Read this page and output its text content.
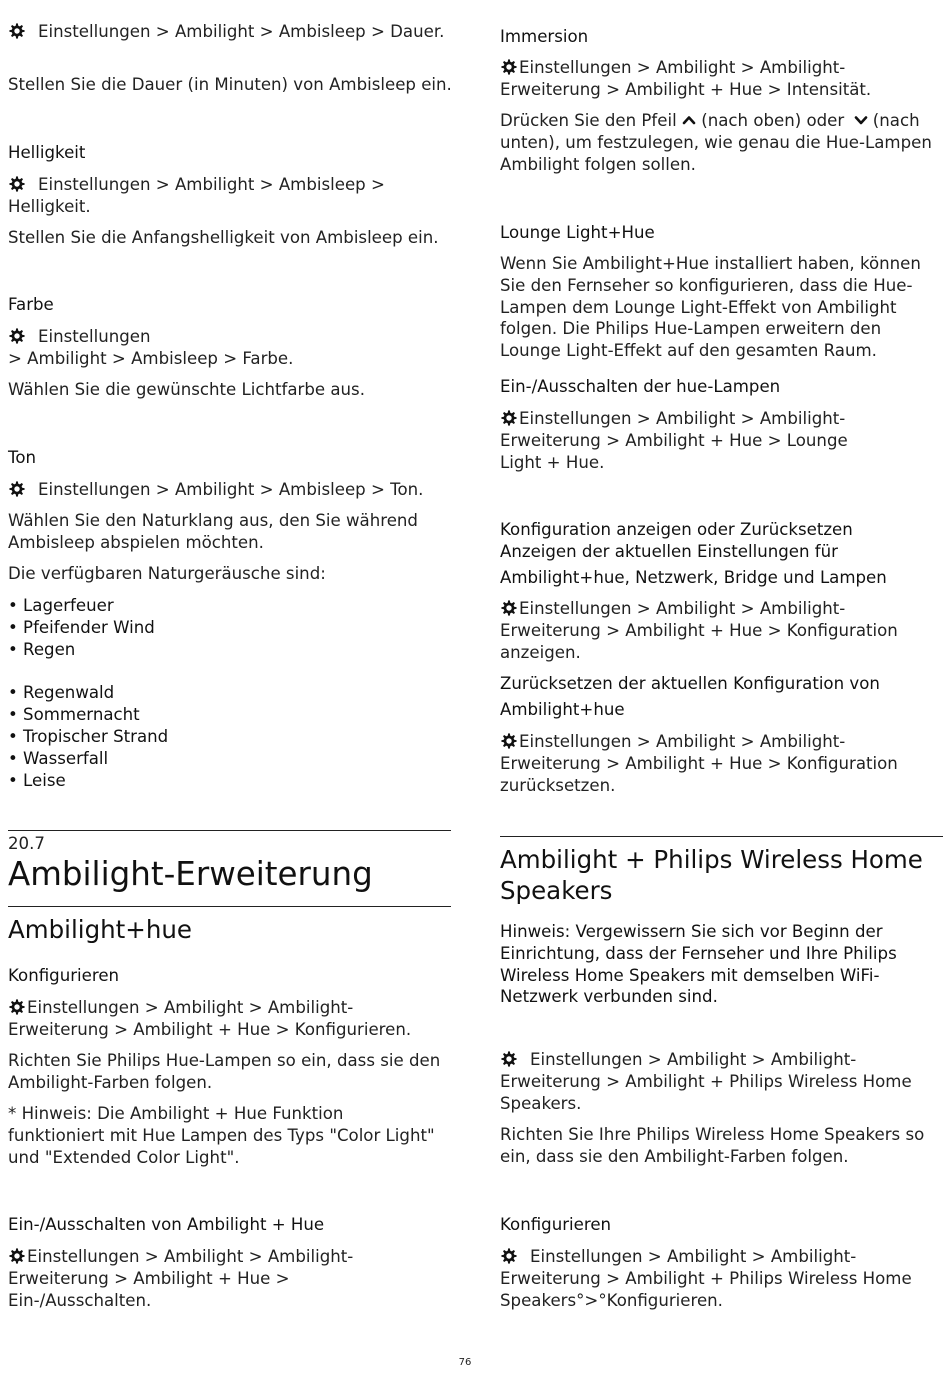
Einstellungen > Ambilight > Ambisleep > Dauer.
Stellen Sie die Dauer (in Minuten) von Ambisleep ein.
Helligkeit
Einstellungen > Ambilight > Ambisleep > Helligkeit.
Stellen Sie die Anfangshelligkeit von Ambisleep ein.
Farbe
Einstellungen
> Ambilight > Ambisleep > Farbe.
Wählen Sie die gewünschte Lichtfarbe aus.
Ton
Einstellungen > Ambilight > Ambisleep > Ton.
Wählen Sie den Naturklang aus, den Sie während Ambisleep abspielen möchten.
Die verfügbaren Naturgeräusche sind:
• Lagerfeuer
• Pfeifender Wind
• Regen
• Regenwald
• Sommernacht
• Tropischer Strand
• Wasserfall
• Leise
20.7
Ambilight-Erweiterung
Ambilight+hue
Konfigurieren
Einstellungen > Ambilight > Ambilight-Erweiterung > Ambilight + Hue > Konfigurieren.
Richten Sie Philips Hue-Lampen so ein, dass sie den Ambilight-Farben folgen.
* Hinweis: Die Ambilight + Hue Funktion funktioniert mit Hue Lampen des Typs "Color Light" und "Extended Color Light".
Ein-/Ausschalten von Ambilight + Hue
Einstellungen > Ambilight > Ambilight-Erweiterung > Ambilight + Hue > Ein-/Ausschalten.
Immersion
Einstellungen > Ambilight > Ambilight-Erweiterung > Ambilight + Hue > Intensität.
Drücken Sie den Pfeil (nach oben) oder (nach unten), um festzulegen, wie genau die Hue-Lampen Ambilight folgen sollen.
Lounge Light+Hue
Wenn Sie Ambilight+Hue installiert haben, können Sie den Fernseher so konfigurieren, dass die Hue-Lampen dem Lounge Light-Effekt von Ambilight folgen. Die Philips Hue-Lampen erweitern den Lounge Light-Effekt auf den gesamten Raum.
Ein-/Ausschalten der hue-Lampen
Einstellungen > Ambilight > Ambilight-Erweiterung > Ambilight + Hue > Lounge Light + Hue.
Konfiguration anzeigen oder Zurücksetzen
Anzeigen der aktuellen Einstellungen für
Ambilight+hue, Netzwerk, Bridge und Lampen
Einstellungen > Ambilight > Ambilight-Erweiterung > Ambilight + Hue > Konfiguration anzeigen.
Zurücksetzen der aktuellen Konfiguration von
Ambilight+hue
Einstellungen > Ambilight > Ambilight-Erweiterung > Ambilight + Hue > Konfiguration zurücksetzen.
Ambilight + Philips Wireless Home Speakers
Hinweis: Vergewissern Sie sich vor Beginn der Einrichtung, dass der Fernseher und Ihre Philips Wireless Home Speakers mit demselben WiFi-Netzwerk verbunden sind.
Einstellungen > Ambilight > Ambilight-Erweiterung > Ambilight + Philips Wireless Home Speakers.
Richten Sie Ihre Philips Wireless Home Speakers so ein, dass sie den Ambilight-Farben folgen.
Konfigurieren
Einstellungen > Ambilight > Ambilight-Erweiterung > Ambilight + Philips Wireless Home Speakers°>°Konfigurieren.
76
